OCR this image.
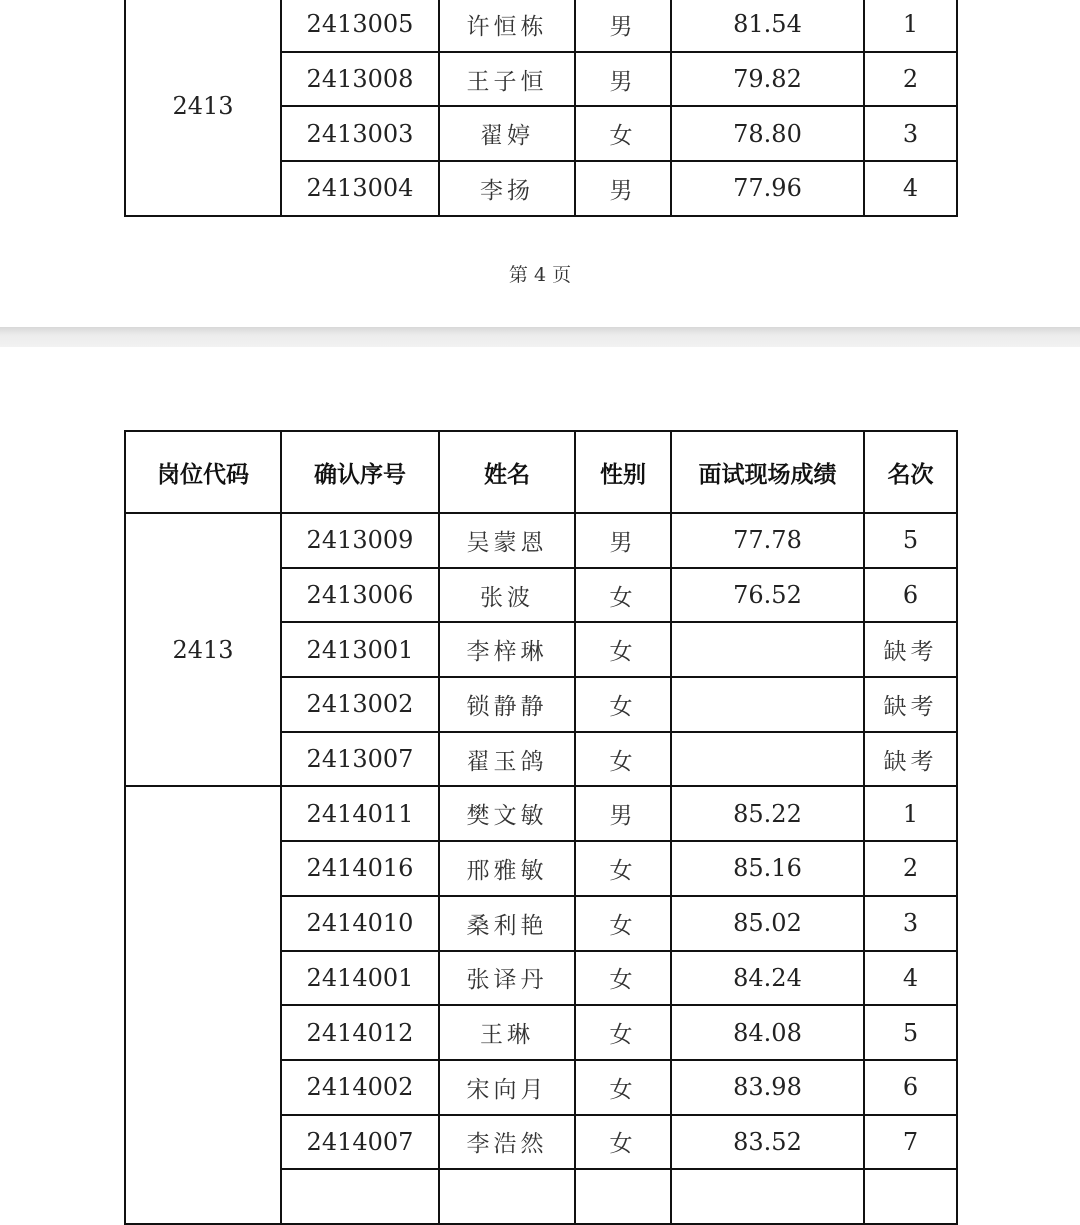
2413	2413005	许恒栋	男	81.54	1
	2413008	王子恒	男	79.82	2
	2413003	翟婷	女	78.80	3
	2413004	李扬	男	77.96	4
第 4 页
岗位代码	确认序号	姓名	性别	面试现场成绩	名次
2413	2413009	吴蒙恩	男	77.78	5
	2413006	张波	女	76.52	6
	2413001	李梓琳	女		缺考
	2413002	锁静静	女		缺考
	2413007	翟玉鸽	女		缺考
	2414011	樊文敏	男	85.22	1
	2414016	邢雅敏	女	85.16	2
	2414010	桑利艳	女	85.02	3
	2414001	张译丹	女	84.24	4
	2414012	王琳	女	84.08	5
	2414002	宋向月	女	83.98	6
	2414007	李浩然	女	83.52	7
